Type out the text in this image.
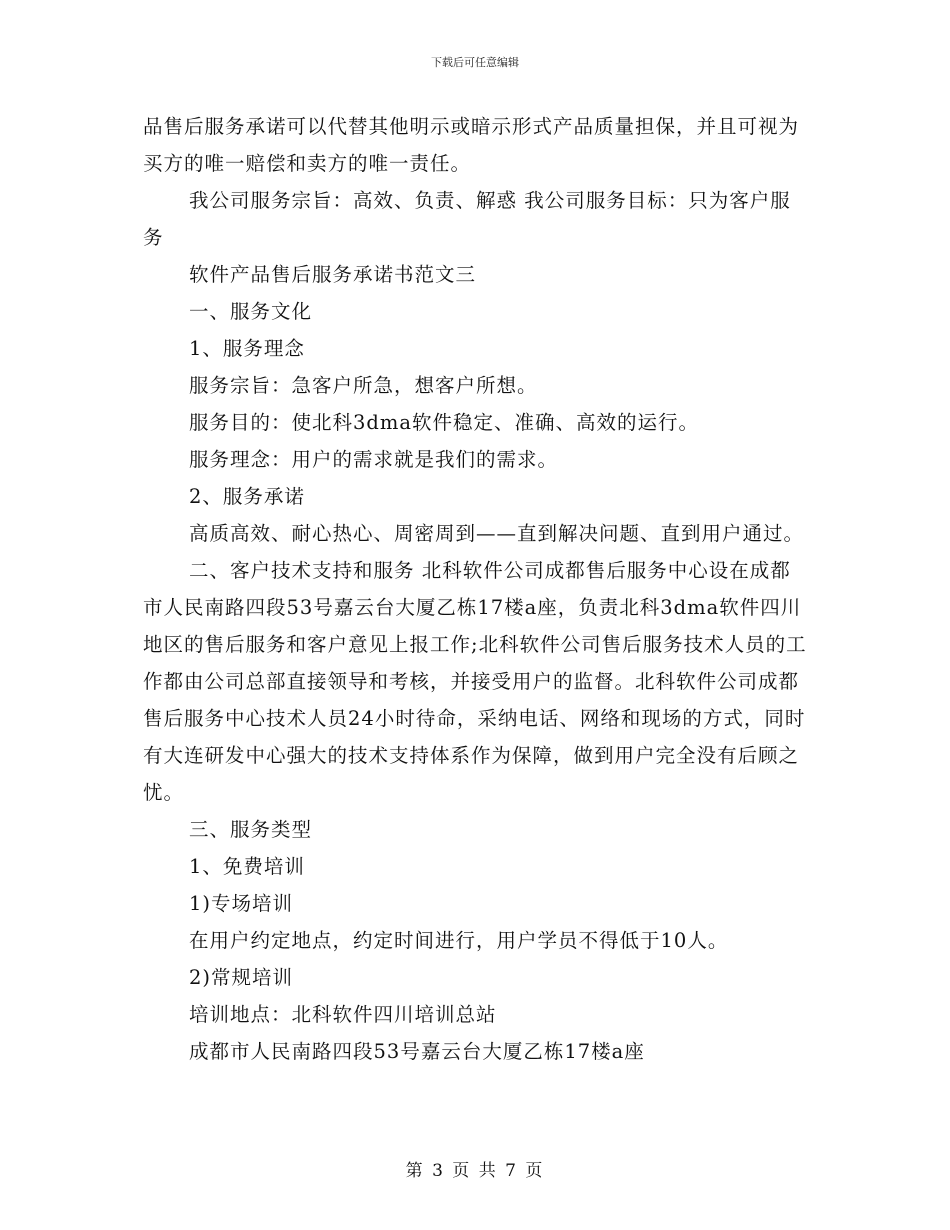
下载后可任意编辑

品售后服务承诺可以代替其他明示或暗示形式产品质量担保，并且可视为买方的唯一赔偿和卖方的唯一责任。

我公司服务宗旨：高效、负责、解惑 我公司服务目标：只为客户服务

软件产品售后服务承诺书范文三

一、服务文化

1、服务理念

服务宗旨：急客户所急，想客户所想。

服务目的：使北科3dma软件稳定、准确、高效的运行。

服务理念：用户的需求就是我们的需求。

2、服务承诺

高质高效、耐心热心、周密周到——直到解决问题、直到用户通过。

二、客户技术支持和服务 北科软件公司成都售后服务中心设在成都市人民南路四段53号嘉云台大厦乙栋17楼a座，负责北科3dma软件四川地区的售后服务和客户意见上报工作;北科软件公司售后服务技术人员的工作都由公司总部直接领导和考核，并接受用户的监督。北科软件公司成都售后服务中心技术人员24小时待命，采纳电话、网络和现场的方式，同时有大连研发中心强大的技术支持体系作为保障，做到用户完全没有后顾之忧。

三、服务类型

1、免费培训

1)专场培训

在用户约定地点，约定时间进行，用户学员不得低于10人。

2)常规培训

培训地点：北科软件四川培训总站

成都市人民南路四段53号嘉云台大厦乙栋17楼a座

第 3 页 共 7 页
